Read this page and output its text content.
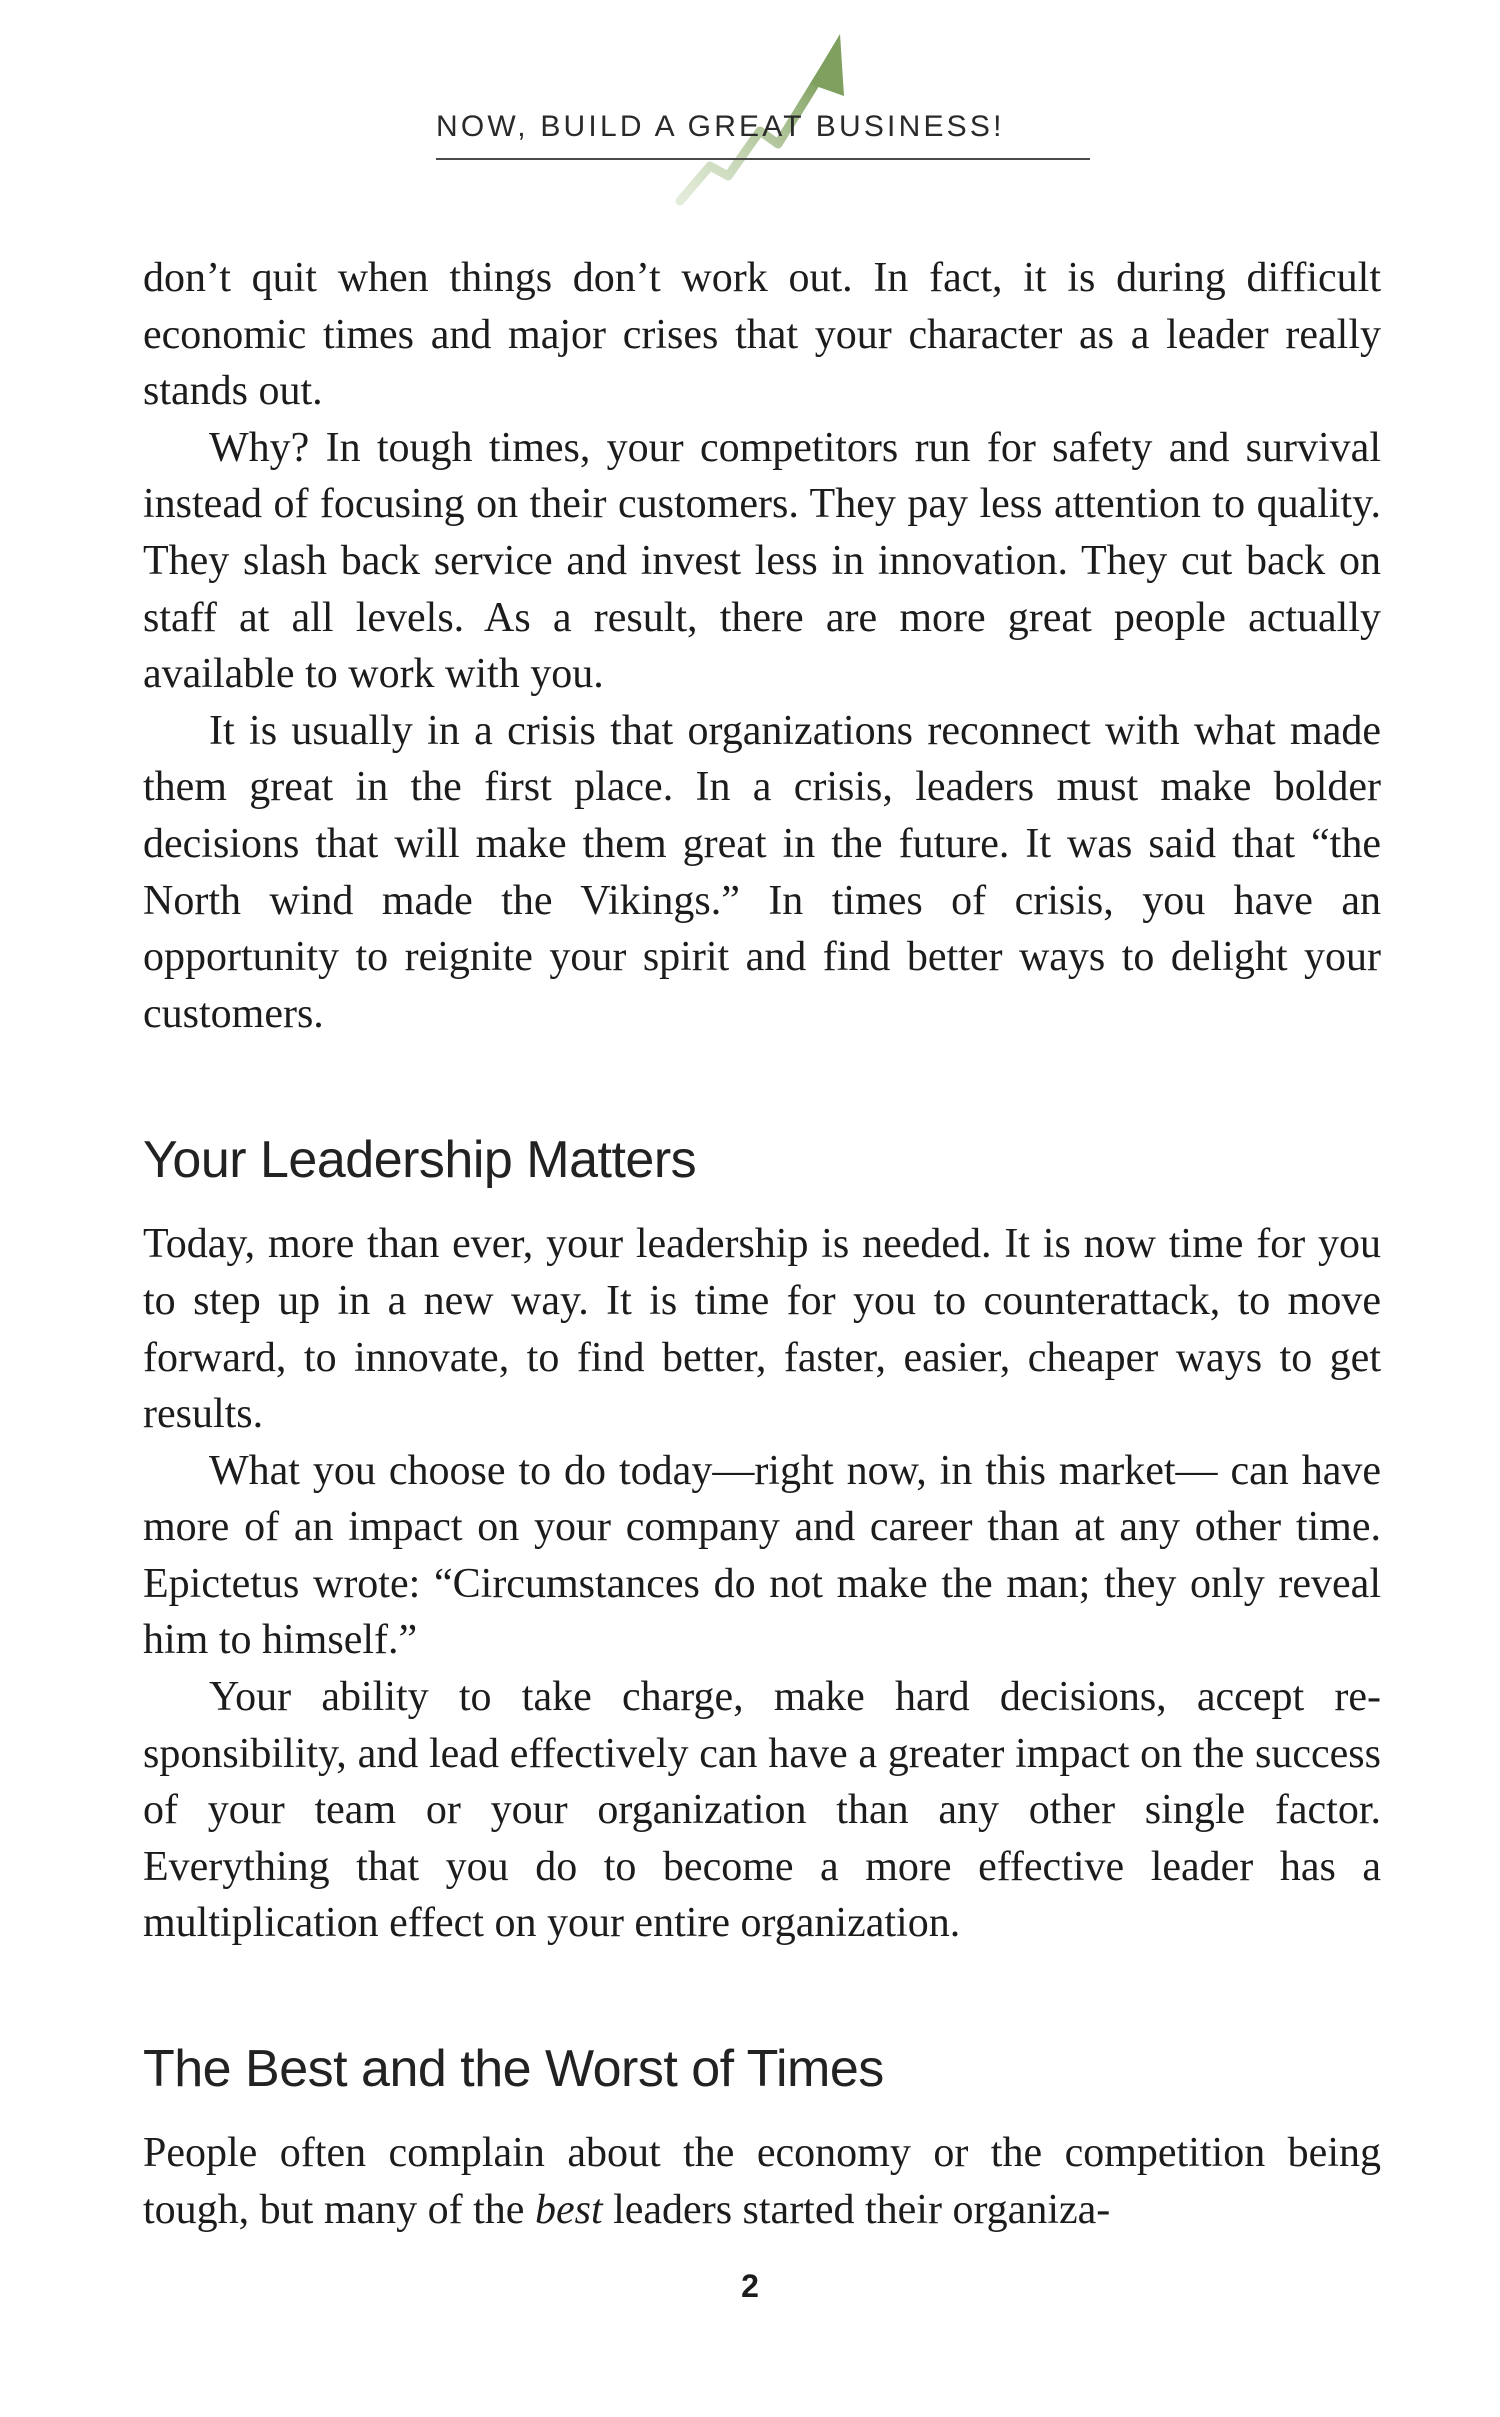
NOW, BUILD A GREAT BUSINESS!

don’t quit when things don’t work out. In fact, it is during difficult economic times and major crises that your character as a leader really stands out.

Why? In tough times, your competitors run for safety and survival instead of focusing on their customers. They pay less attention to quality. They slash back service and invest less in innovation. They cut back on staff at all levels. As a result, there are more great people actually available to work with you.

It is usually in a crisis that organizations reconnect with what made them great in the first place. In a crisis, leaders must make bolder decisions that will make them great in the future. It was said that “the North wind made the Vikings.” In times of crisis, you have an opportunity to reignite your spirit and find better ways to delight your customers.

Your Leadership Matters

Today, more than ever, your leadership is needed. It is now time for you to step up in a new way. It is time for you to counterattack, to move forward, to innovate, to find better, faster, easier, cheaper ways to get results.

What you choose to do today—right now, in this market— can have more of an impact on your company and career than at any other time. Epictetus wrote: “Circumstances do not make the man; they only reveal him to himself.”

Your ability to take charge, make hard decisions, accept responsibility, and lead effectively can have a greater impact on the success of your team or your organization than any other single factor. Everything that you do to become a more effective leader has a multiplication effect on your entire organization.

The Best and the Worst of Times

People often complain about the economy or the competition being tough, but many of the best leaders started their organiza-

2
